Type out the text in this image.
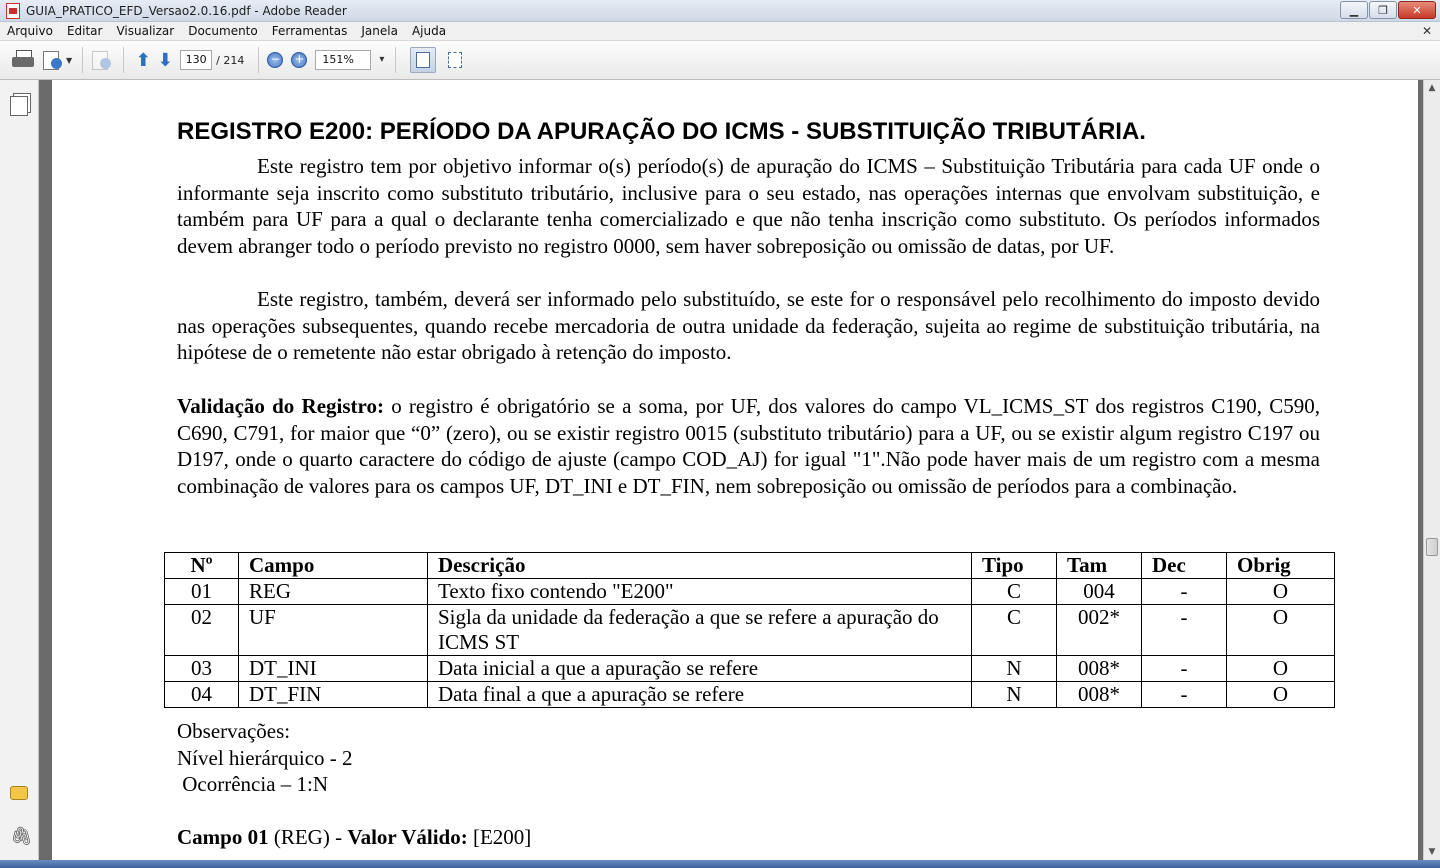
GUIA_PRATICO_EFD_Versao2.0.16.pdf - Adobe Reader	▁	❐	✕
Arquivo	Editar	Visualizar	Documento	Ferramentas	Janela	Ajuda	✕
▼	⬆ ⬇	130 / 214 − +	151% ▾
🖇
REGISTRO E200: PERÍODO DA APURAÇÃO DO ICMS - SUBSTITUIÇÃO TRIBUTÁRIA.
Este registro tem por objetivo informar o(s) período(s) de apuração do ICMS – Substituição Tributária para cada UF onde o informante seja inscrito como substituto tributário, inclusive para o seu estado, nas operações internas que envolvam substituição, e também para UF para a qual o declarante tenha comercializado e que não tenha inscrição como substituto. Os períodos informados devem abranger todo o período previsto no registro 0000, sem haver sobreposição ou omissão de datas, por UF.
Este registro, também, deverá ser informado pelo substituído, se este for o responsável pelo recolhimento do imposto devido nas operações subsequentes, quando recebe mercadoria de outra unidade da federação, sujeita ao regime de substituição tributária, na hipótese de o remetente não estar obrigado à retenção do imposto.
Validação do Registro: o registro é obrigatório se a soma, por UF, dos valores do campo VL_ICMS_ST dos registros C190, C590, C690, C791, for maior que “0” (zero), ou se existir registro 0015 (substituto tributário) para a UF, ou se existir algum registro C197 ou D197, onde o quarto caractere do código de ajuste (campo COD_AJ) for igual "1".Não pode haver mais de um registro com a mesma combinação de valores para os campos UF, DT_INI e DT_FIN, nem sobreposição ou omissão de períodos para a combinação.
Nº	Campo	Descrição	Tipo	Tam	Dec	Obrig
01	REG	Texto fixo contendo "E200"	C	004	-	O
02	UF	Sigla da unidade da federação a que se refere a apuração do ICMS ST	C	002*	-	O
03	DT_INI	Data inicial a que a apuração se refere	N	008*	-	O
04	DT_FIN	Data final a que a apuração se refere	N	008*	-	O
Observações:
Nível hierárquico - 2
Ocorrência – 1:N
Campo 01 (REG) - Valor Válido: [E200]
▲
▼
